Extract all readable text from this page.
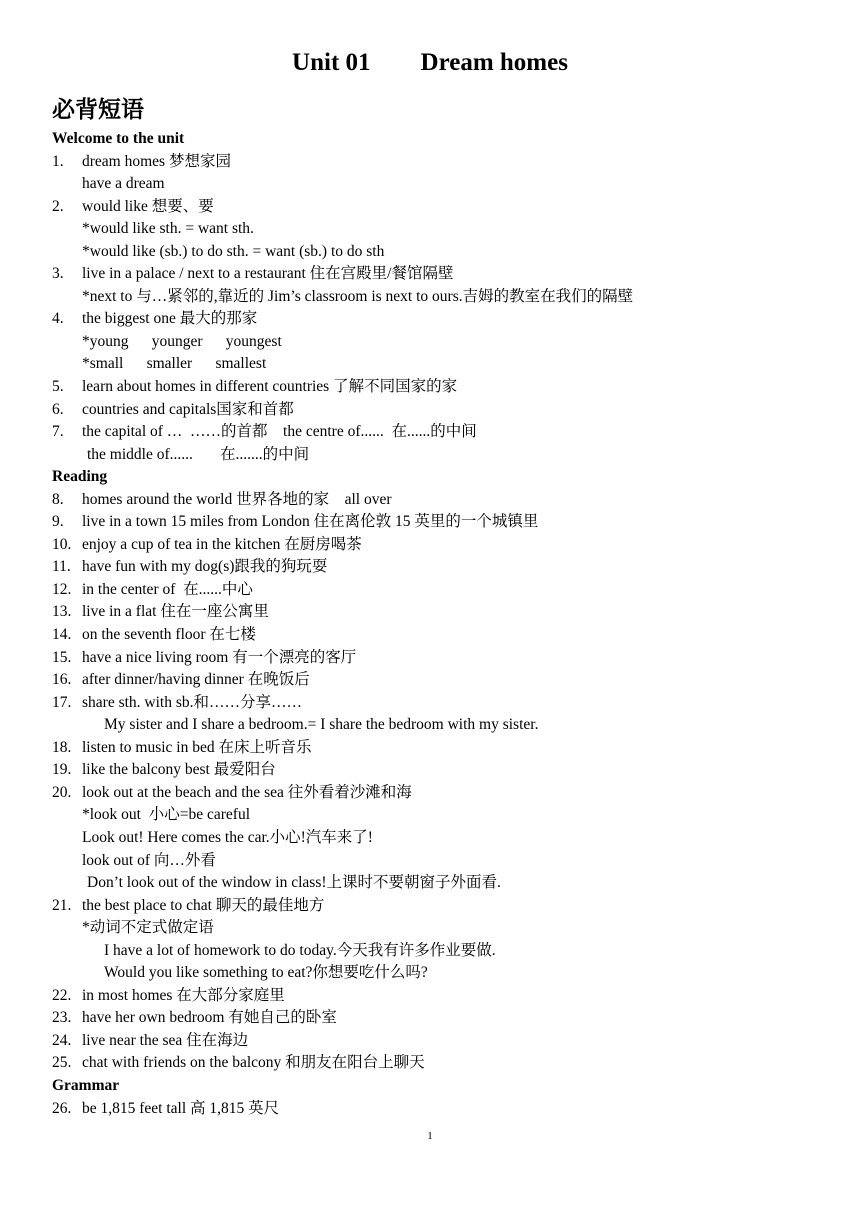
Unit 01        Dream homes
必背短语
Welcome to the unit
1. dream homes 梦想家园
have a dream
2. would like 想要、要
*would like sth. = want sth.
*would like (sb.) to do sth. = want (sb.) to do sth
3. live in a palace / next to a restaurant 住在宫殿里/餐馆隔壁
*next to 与…紧邻的,靠近的 Jim’s classroom is next to ours.吉姆的教室在我们的隔壁
4. the biggest one 最大的那家
*young      younger      youngest
*small      smaller      smallest
5. learn about homes in different countries 了解不同国家的家
6. countries and capitals国家和首都
7. the capital of …  ……的首都    the centre of......  在......的中间
the middle of......       在.......的中间
Reading
8. homes around the world 世界各地的家    all over
9. live in a town 15 miles from London 住在离伦敦 15 英里的一个城镇里
10. enjoy a cup of tea in the kitchen 在厨房喝茶
11. have fun with my dog(s)跟我的狗玩耍
12. in the center of  在......中心
13. live in a flat 住在一座公寓里
14. on the seventh floor 在七楼
15. have a nice living room 有一个漂亮的客厅
16. after dinner/having dinner 在晚饭后
17. share sth. with sb.和……分享……
My sister and I share a bedroom.= I share the bedroom with my sister.
18. listen to music in bed 在床上听音乐
19. like the balcony best 最爱阳台
20. look out at the beach and the sea 往外看着沙滩和海
*look out  小心=be careful
Look out! Here comes the car.小心!汽车来了!
look out of 向…外看
Don’t look out of the window in class!上课时不要朝窗子外面看.
21. the best place to chat 聊天的最佳地方
*动词不定式做定语
I have a lot of homework to do today.今天我有许多作业要做.
Would you like something to eat?你想要吃什么吗?
22. in most homes 在大部分家庭里
23. have her own bedroom 有她自己的卧室
24. live near the sea 住在海边
25. chat with friends on the balcony 和朋友在阳台上聊天
Grammar
26. be 1,815 feet tall 高 1,815 英尺
1
